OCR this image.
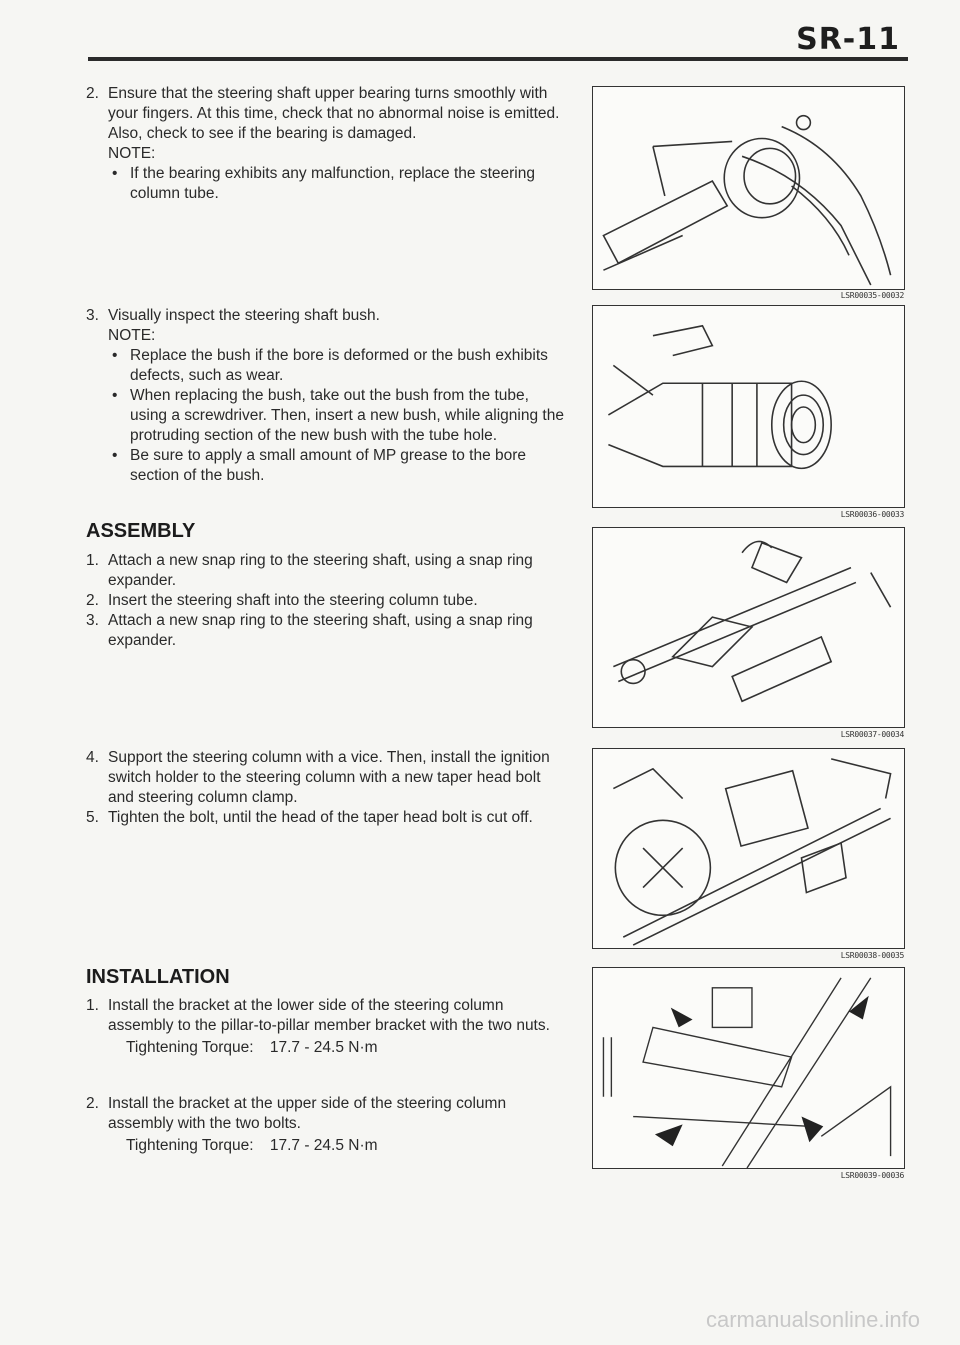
SR-11
2. Ensure that the steering shaft upper bearing turns smoothly with your fingers. At this time, check that no abnormal noise is emitted. Also, check to see if the bearing is damaged.
NOTE:
• If the bearing exhibits any malfunction, replace the steering column tube.
3. Visually inspect the steering shaft bush.
NOTE:
• Replace the bush if the bore is deformed or the bush exhibits defects, such as wear.
• When replacing the bush, take out the bush from the tube, using a screwdriver. Then, insert a new bush, while aligning the protruding section of the new bush with the tube hole.
• Be sure to apply a small amount of MP grease to the bore section of the bush.
ASSEMBLY
1. Attach a new snap ring to the steering shaft, using a snap ring expander.
2. Insert the steering shaft into the steering column tube.
3. Attach a new snap ring to the steering shaft, using a snap ring expander.
4. Support the steering column with a vice. Then, install the ignition switch holder to the steering column with a new taper head bolt and steering column clamp.
5. Tighten the bolt, until the head of the taper head bolt is cut off.
INSTALLATION
1. Install the bracket at the lower side of the steering column assembly to the pillar-to-pillar member bracket with the two nuts.
Tightening Torque: 17.7 - 24.5 N·m
2. Install the bracket at the upper side of the steering column assembly with the two bolts.
Tightening Torque: 17.7 - 24.5 N·m
LSR00035-00032
LSR00036-00033
LSR00037-00034
LSR00038-00035
LSR00039-00036
carmanualsonline.info
